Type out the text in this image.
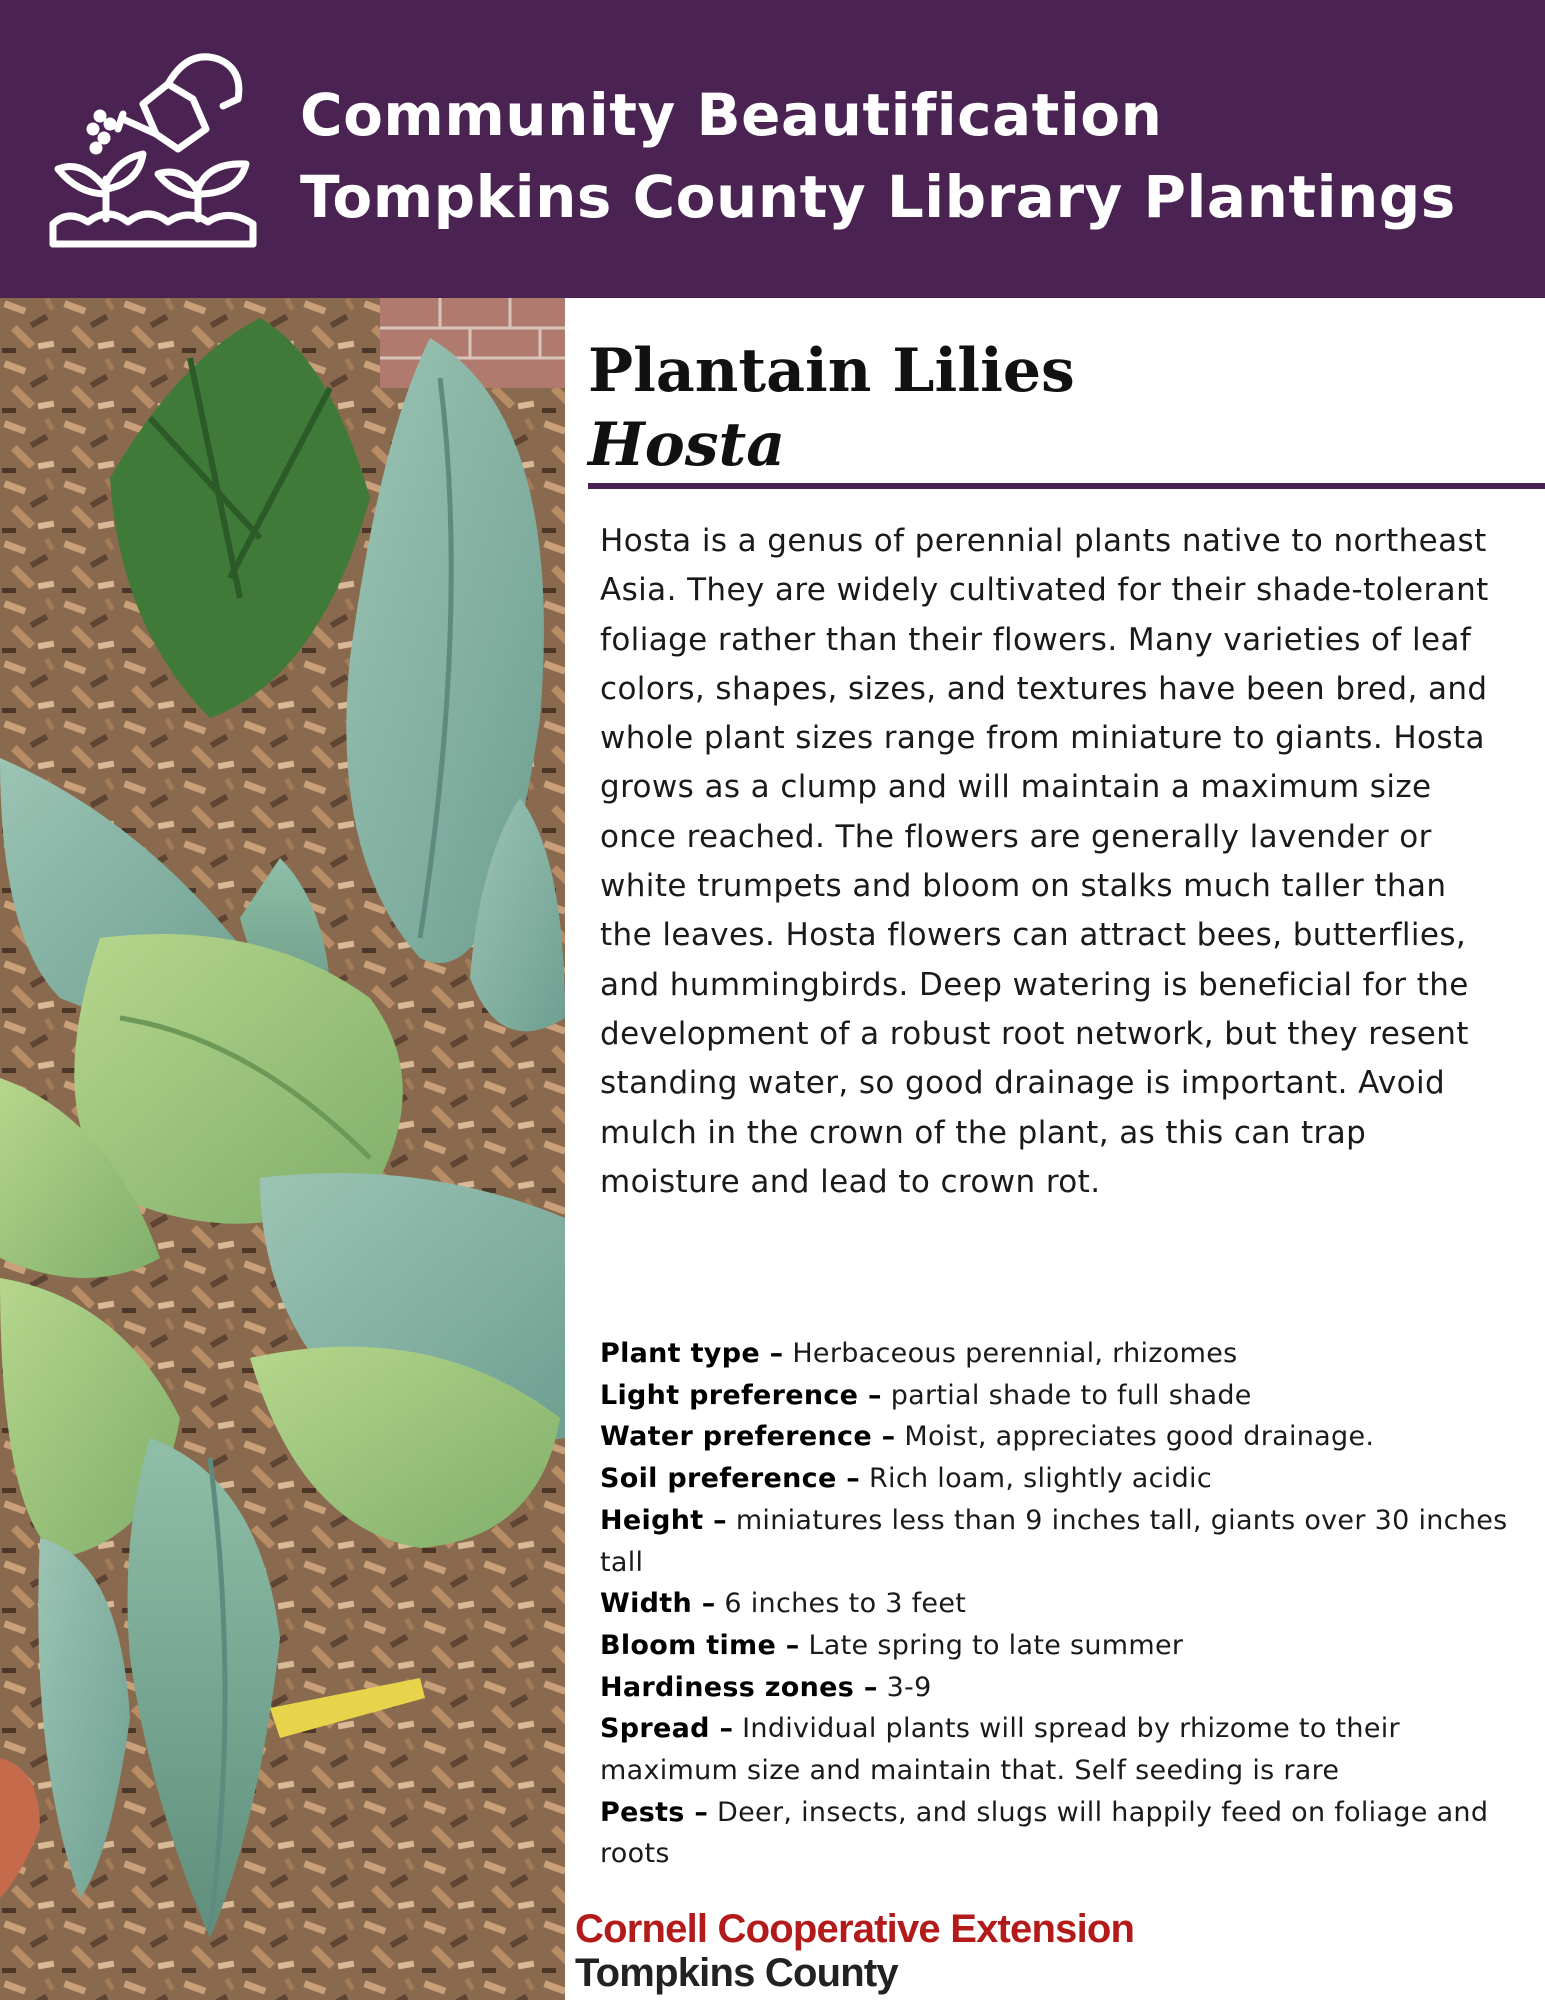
Community Beautification
Tompkins County Library Plantings
Plantain Lilies
Hosta
Hosta is a genus of perennial plants native to northeast Asia. They are widely cultivated for their shade-tolerant foliage rather than their flowers. Many varieties of leaf colors, shapes, sizes, and textures have been bred, and whole plant sizes range from miniature to giants. Hosta grows as a clump and will maintain a maximum size once reached. The flowers are generally lavender or white trumpets and bloom on stalks much taller than the leaves. Hosta flowers can attract bees, butterflies, and hummingbirds. Deep watering is beneficial for the development of a robust root network, but they resent standing water, so good drainage is important. Avoid mulch in the crown of the plant, as this can trap moisture and lead to crown rot.
Plant type – Herbaceous perennial, rhizomes
Light preference – partial shade to full shade
Water preference – Moist, appreciates good drainage.
Soil preference – Rich loam, slightly acidic
Height – miniatures less than 9 inches tall, giants over 30 inches tall
Width – 6 inches to 3 feet
Bloom time – Late spring to late summer
Hardiness zones – 3-9
Spread – Individual plants will spread by rhizome to their maximum size and maintain that. Self seeding is rare
Pests – Deer, insects, and slugs will happily feed on foliage and roots
Cornell Cooperative Extension
Tompkins County
